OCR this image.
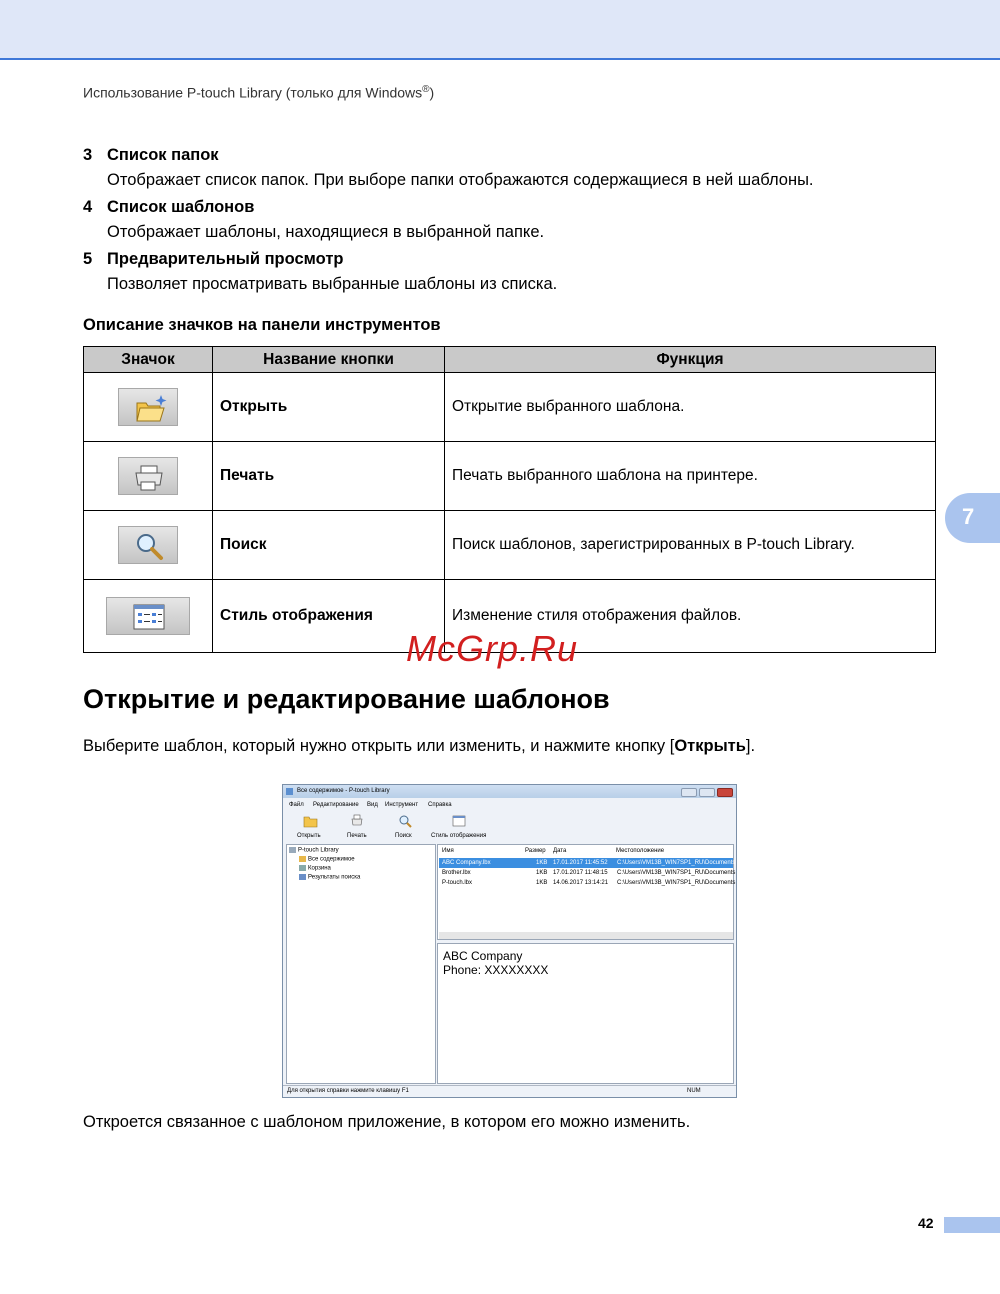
Использование P-touch Library (только для Windows®)
3 Список папок
Отображает список папок. При выборе папки отображаются содержащиеся в ней шаблоны.
4 Список шаблонов
Отображает шаблоны, находящиеся в выбранной папке.
5 Предварительный просмотр
Позволяет просматривать выбранные шаблоны из списка.
Описание значков на панели инструментов
Значок	Название кнопки	Функция
	Открыть	Открытие выбранного шаблона.
	Печать	Печать выбранного шаблона на принтере.
	Поиск	Поиск шаблонов, зарегистрированных в P-touch Library.
	Стиль отображения	Изменение стиля отображения файлов.
McGrp.Ru
Открытие и редактирование шаблонов
Выберите шаблон, который нужно открыть или изменить, и нажмите кнопку [Открыть].
Все содержимое - P-touch Library
Файл Редактирование Вид Инструмент Справка
Открыть	Печать	Поиск	Стиль отображения
P-touch Library
Все содержимое
Корзина
Результаты поиска
Имя	Размер Дата	Местоположение
ABC Company.lbx	1KB 17.01.2017 11:45:52 C:\Users\VM13B_WIN7SP1_RU\Documents
Brother.lbx	1KB 17.01.2017 11:48:15 C:\Users\VM13B_WIN7SP1_RU\Documents
P-touch.lbx	1KB 14.06.2017 13:14:21 C:\Users\VM13B_WIN7SP1_RU\Documents
ABC Company
Phone: XXXXXXXX
Для открытия справки нажмите клавишу F1	NUM
Откроется связанное с шаблоном приложение, в котором его можно изменить.
7
42
